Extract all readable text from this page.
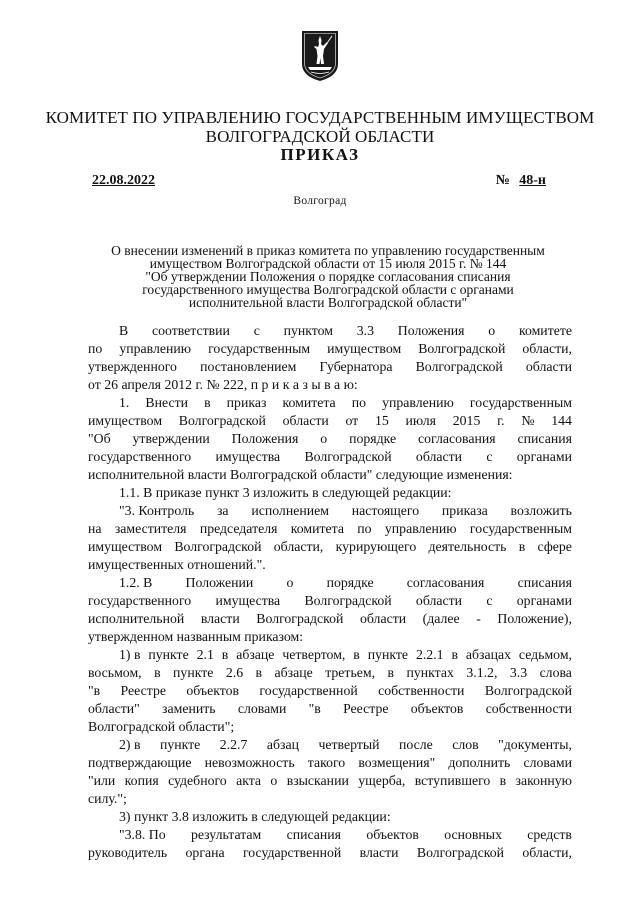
КОМИТЕТ ПО УПРАВЛЕНИЮ ГОСУДАРСТВЕННЫМ ИМУЩЕСТВОМ
ВОЛГОГРАДСКОЙ ОБЛАСТИ
ПРИКАЗ
22.08.2022	№ 48-н
Волгоград
О внесении изменений в приказ комитета по управлению государственным
имуществом Волгоградской области от 15 июля 2015 г. № 144
"Об утверждении Положения о порядке согласования списания
государственного имущества Волгоградской области с органами
исполнительной власти Волгоградской области"
В соответствии с пунктом 3.3 Положения о комитете
по управлению государственным имуществом Волгоградской области,
утвержденного постановлением Губернатора Волгоградской области
от 26 апреля 2012 г. № 222, п р и к а з ы в а ю:
1. Внести в приказ комитета по управлению государственным
имуществом Волгоградской области от 15 июля 2015 г. № 144
"Об утверждении Положения о порядке согласования списания
государственного имущества Волгоградской области с органами
исполнительной власти Волгоградской области" следующие изменения:
1.1. В приказе пункт 3 изложить в следующей редакции:
"3. Контроль за исполнением настоящего приказа возложить
на заместителя председателя комитета по управлению государственным
имуществом Волгоградской области, курирующего деятельность в сфере
имущественных отношений.".
1.2. В Положении о порядке согласования списания
государственного имущества Волгоградской области с органами
исполнительной власти Волгоградской области (далее - Положение),
утвержденном названным приказом:
1) в пункте 2.1 в абзаце четвертом, в пункте 2.2.1 в абзацах седьмом,
восьмом, в пункте 2.6 в абзаце третьем, в пунктах 3.1.2, 3.3 слова
"в Реестре объектов государственной собственности Волгоградской
области" заменить словами "в Реестре объектов собственности
Волгоградской области";
2) в пункте 2.2.7 абзац четвертый после слов "документы,
подтверждающие невозможность такого возмещения" дополнить словами
"или копия судебного акта о взыскании ущерба, вступившего в законную
силу.";
3) пункт 3.8 изложить в следующей редакции:
"3.8. По результатам списания объектов основных средств
руководитель органа государственной власти Волгоградской области,
